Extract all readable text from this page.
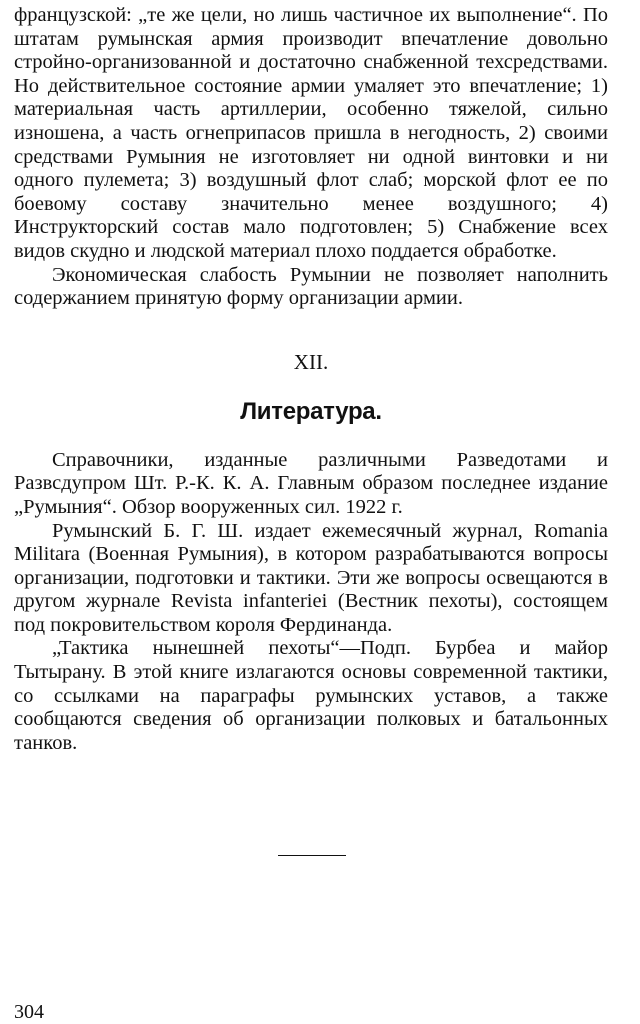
французской: „те же цели, но лишь частичное их выполнение“. По штатам румынская армия производит впечатление довольно стройно-организованной и достаточно снабженной техсредствами. Но действительное состояние армии умаляет это впечатление; 1) материальная часть артиллерии, особенно тяжелой, сильно изношена, а часть огнеприпасов пришла в негодность, 2) своими средствами Румыния не изготовляет ни одной винтовки и ни одного пулемета; 3) воздушный флот слаб; морской флот ее по боевому составу значительно менее воздушного; 4) Инструкторский состав мало подготовлен; 5) Снабжение всех видов скудно и людской материал плохо поддается обработке.

Экономическая слабость Румынии не позволяет наполнить содержанием принятую форму организации армии.

XII.
Литература.

Справочники, изданные различными Разведотами и Развсдупром Шт. Р.-К. К. А. Главным образом последнее издание „Румыния“. Обзор вооруженных сил. 1922 г.

Румынский Б. Г. Ш. издает ежемесячный журнал, Romania Militara (Военная Румыния), в котором разрабатываются вопросы организации, подготовки и тактики. Эти же вопросы освещаются в другом журнале Revista infanteriei (Вестник пехоты), состоящем под покровительством короля Фердинанда.

„Тактика нынешней пехоты“—Подп. Бурбеа и майор Тытырану. В этой книге излагаются основы современной тактики, со ссылками на параграфы румынских уставов, а также сообщаются сведения об организации полковых и батальонных танков.

304
